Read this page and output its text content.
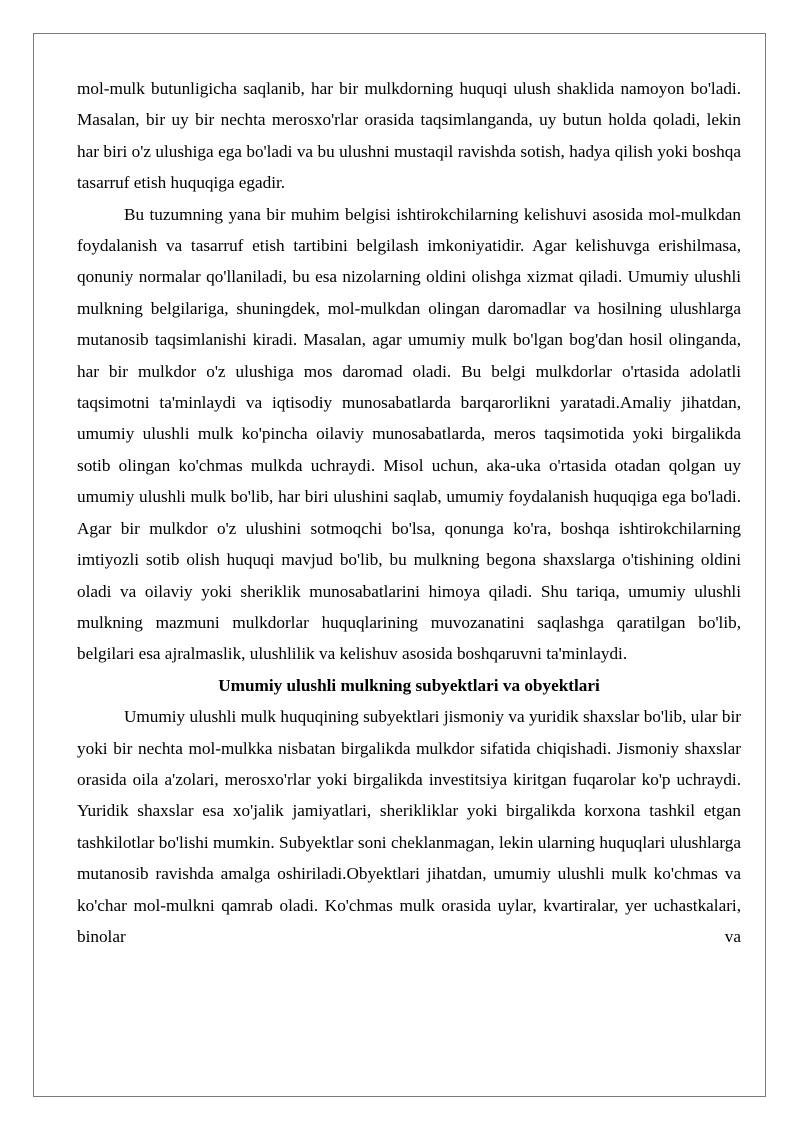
mol-mulk butunligicha saqlanib, har bir mulkdorning huquqi ulush shaklida namoyon bo'ladi. Masalan, bir uy bir nechta merosxo'rlar orasida taqsimlanganda, uy butun holda qoladi, lekin har biri o'z ulushiga ega bo'ladi va bu ulushni mustaqil ravishda sotish, hadya qilish yoki boshqa tasarruf etish huquqiga egadir.

Bu tuzumning yana bir muhim belgisi ishtirokchilarning kelishuvi asosida mol-mulkdan foydalanish va tasarruf etish tartibini belgilash imkoniyatidir. Agar kelishuvga erishilmasa, qonuniy normalar qo'llaniladi, bu esa nizolarning oldini olishga xizmat qiladi. Umumiy ulushli mulkning belgilariga, shuningdek, mol-mulkdan olingan daromadlar va hosilning ulushlarga mutanosib taqsimlanishi kiradi. Masalan, agar umumiy mulk bo'lgan bog'dan hosil olinganda, har bir mulkdor o'z ulushiga mos daromad oladi. Bu belgi mulkdorlar o'rtasida adolatli taqsimotni ta'minlaydi va iqtisodiy munosabatlarda barqarorlikni yaratadi.Amaliy jihatdan, umumiy ulushli mulk ko'pincha oilaviy munosabatlarda, meros taqsimotida yoki birgalikda sotib olingan ko'chmas mulkda uchraydi. Misol uchun, aka-uka o'rtasida otadan qolgan uy umumiy ulushli mulk bo'lib, har biri ulushini saqlab, umumiy foydalanish huquqiga ega bo'ladi. Agar bir mulkdor o'z ulushini sotmoqchi bo'lsa, qonunga ko'ra, boshqa ishtirokchilarning imtiyozli sotib olish huquqi mavjud bo'lib, bu mulkning begona shaxslarga o'tishining oldini oladi va oilaviy yoki sheriklik munosabatlarini himoya qiladi. Shu tariqa, umumiy ulushli mulkning mazmuni mulkdorlar huquqlarining muvozanatini saqlashga qaratilgan bo'lib, belgilari esa ajralmaslik, ulushlilik va kelishuv asosida boshqaruvni ta'minlaydi.

Umumiy ulushli mulkning subyektlari va obyektlari

Umumiy ulushli mulk huquqining subyektlari jismoniy va yuridik shaxslar bo'lib, ular bir yoki bir nechta mol-mulkka nisbatan birgalikda mulkdor sifatida chiqishadi. Jismoniy shaxslar orasida oila a'zolari, merosxo'rlar yoki birgalikda investitsiya kiritgan fuqarolar ko'p uchraydi. Yuridik shaxslar esa xo'jalik jamiyatlari, sherikliklar yoki birgalikda korxona tashkil etgan tashkilotlar bo'lishi mumkin. Subyektlar soni cheklanmagan, lekin ularning huquqlari ulushlarga mutanosib ravishda amalga oshiriladi.Obyektlari jihatdan, umumiy ulushli mulk ko'chmas va ko'char mol-mulkni qamrab oladi. Ko'chmas mulk orasida uylar, kvartiralar, yer uchastkalari, binolar va
